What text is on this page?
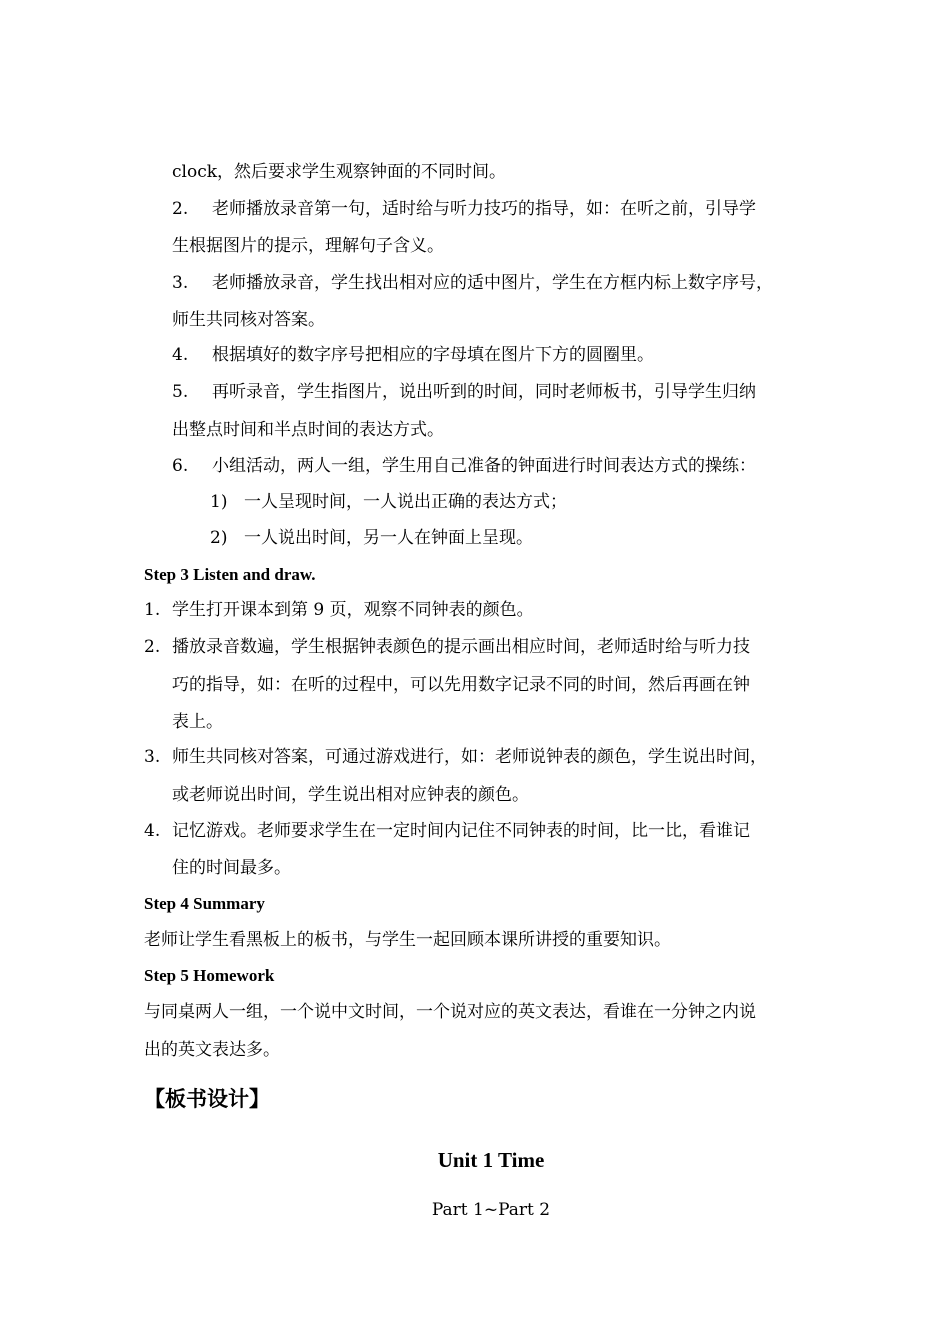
clock，然后要求学生观察钟面的不同时间。
2. 老师播放录音第一句，适时给与听力技巧的指导，如：在听之前，引导学
生根据图片的提示，理解句子含义。
3. 老师播放录音，学生找出相对应的适中图片，学生在方框内标上数字序号，
师生共同核对答案。
4. 根据填好的数字序号把相应的字母填在图片下方的圆圈里。
5. 再听录音，学生指图片，说出听到的时间，同时老师板书，引导学生归纳
出整点时间和半点时间的表达方式。
6. 小组活动，两人一组，学生用自己准备的钟面进行时间表达方式的操练：
1) 一人呈现时间，一人说出正确的表达方式；
2) 一人说出时间，另一人在钟面上呈现。
Step 3 Listen and draw.
1. 学生打开课本到第 9 页，观察不同钟表的颜色。
2. 播放录音数遍，学生根据钟表颜色的提示画出相应时间，老师适时给与听力技
巧的指导，如：在听的过程中，可以先用数字记录不同的时间，然后再画在钟
表上。
3. 师生共同核对答案，可通过游戏进行，如：老师说钟表的颜色，学生说出时间，
或老师说出时间，学生说出相对应钟表的颜色。
4. 记忆游戏。老师要求学生在一定时间内记住不同钟表的时间，比一比，看谁记
住的时间最多。
Step 4 Summary
老师让学生看黑板上的板书，与学生一起回顾本课所讲授的重要知识。
Step 5 Homework
与同桌两人一组，一个说中文时间，一个说对应的英文表达，看谁在一分钟之内说
出的英文表达多。
【板书设计】
Unit 1 Time
Part 1~Part 2
